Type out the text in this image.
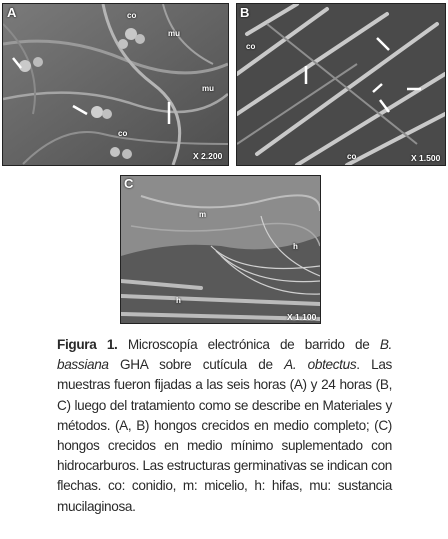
A	co
mu
mu
co
X 2.200
B
co
co	X 1.500
C
m
h
h
X 1.100
Figura 1. Microscopía electrónica de barrido de B. bassiana GHA sobre cutícula de A. obtectus. Las muestras fueron fijadas a las seis horas (A) y 24 horas (B, C) luego del tratamiento como se describe en Materiales y métodos. (A, B) hongos crecidos en medio completo; (C) hongos crecidos en medio mínimo suplementado con hidrocarburos. Las estructuras germinativas se indican con flechas. co: conidio, m: micelio, h: hifas, mu: sustancia mucilaginosa.
